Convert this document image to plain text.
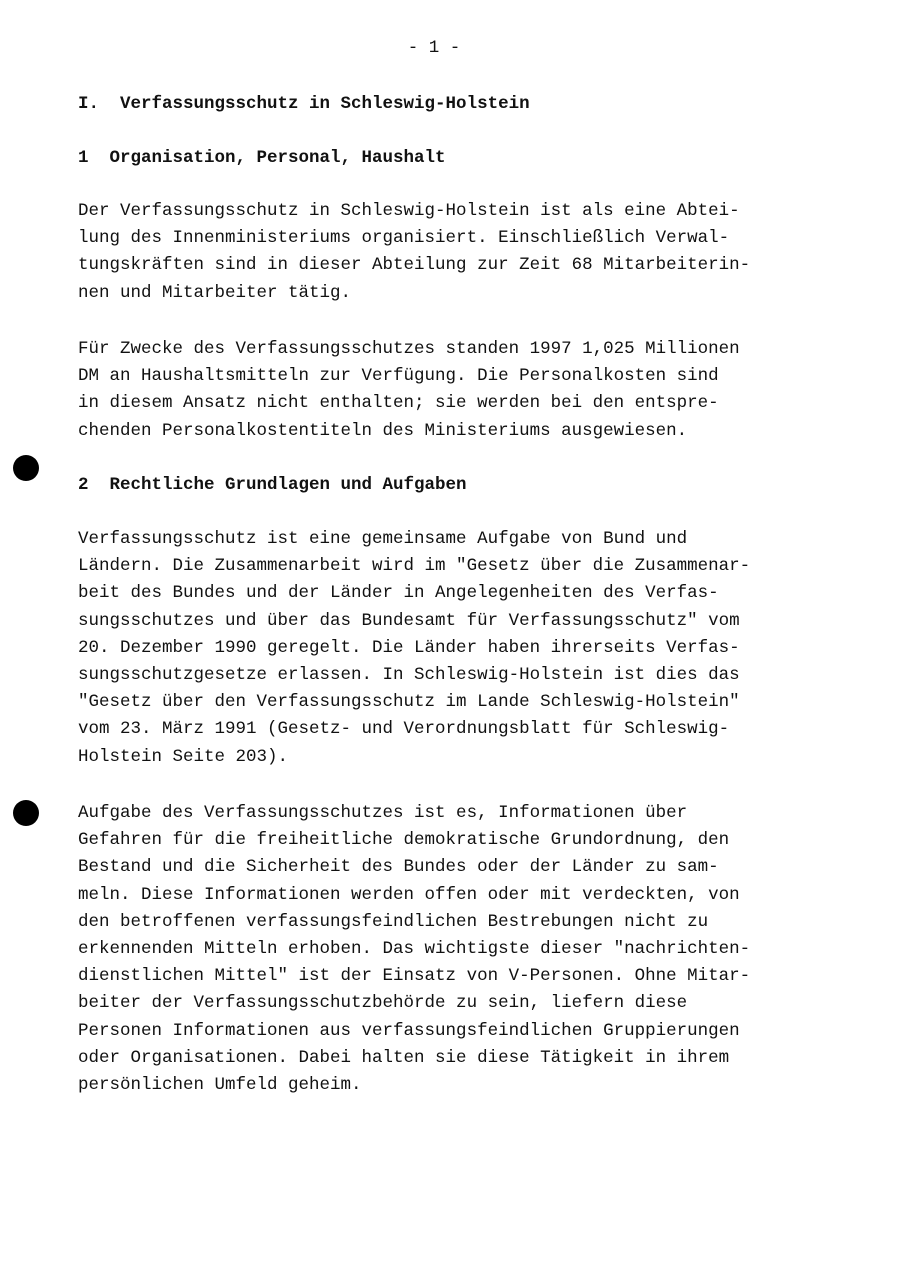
- 1 -
I.  Verfassungsschutz in Schleswig-Holstein
1  Organisation, Personal, Haushalt
Der Verfassungsschutz in Schleswig-Holstein ist als eine Abtei-
lung des Innenministeriums organisiert. Einschließlich Verwal-
tungskräften sind in dieser Abteilung zur Zeit 68 Mitarbeiterin-
nen und Mitarbeiter tätig.
Für Zwecke des Verfassungsschutzes standen 1997 1,025 Millionen
DM an Haushaltsmitteln zur Verfügung. Die Personalkosten sind
in diesem Ansatz nicht enthalten; sie werden bei den entspre-
chenden Personalkostentiteln des Ministeriums ausgewiesen.
2  Rechtliche Grundlagen und Aufgaben
Verfassungsschutz ist eine gemeinsame Aufgabe von Bund und
Ländern. Die Zusammenarbeit wird im "Gesetz über die Zusammenar-
beit des Bundes und der Länder in Angelegenheiten des Verfas-
sungsschutzes und über das Bundesamt für Verfassungsschutz" vom
20. Dezember 1990 geregelt. Die Länder haben ihrerseits Verfas-
sungsschutzgesetze erlassen. In Schleswig-Holstein ist dies das
"Gesetz über den Verfassungsschutz im Lande Schleswig-Holstein"
vom 23. März 1991 (Gesetz- und Verordnungsblatt für Schleswig-
Holstein Seite 203).
Aufgabe des Verfassungsschutzes ist es, Informationen über
Gefahren für die freiheitliche demokratische Grundordnung, den
Bestand und die Sicherheit des Bundes oder der Länder zu sam-
meln. Diese Informationen werden offen oder mit verdeckten, von
den betroffenen verfassungsfeindlichen Bestrebungen nicht zu
erkennenden Mitteln erhoben. Das wichtigste dieser "nachrichten-
dienstlichen Mittel" ist der Einsatz von V-Personen. Ohne Mitar-
beiter der Verfassungsschutzbehörde zu sein, liefern diese
Personen Informationen aus verfassungsfeindlichen Gruppierungen
oder Organisationen. Dabei halten sie diese Tätigkeit in ihrem
persönlichen Umfeld geheim.
